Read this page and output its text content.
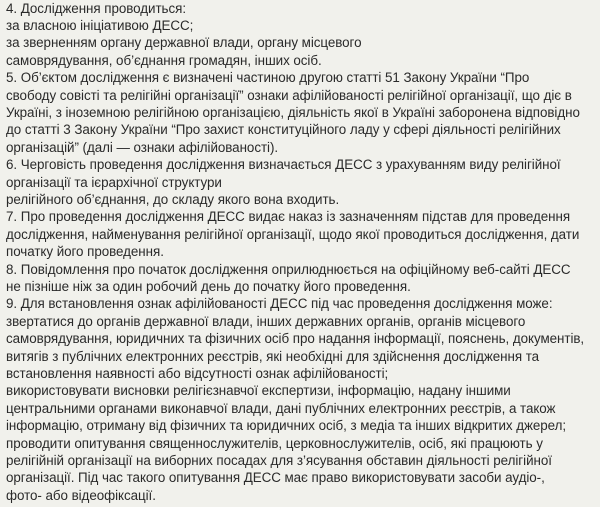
4. Дослідження проводиться:

за власною ініціативою ДЕСС;

за зверненням органу державної влади, органу місцевого

самоврядування, об’єднання громадян, інших осіб.

5. Об’єктом дослідження є визначені частиною другою статті 51 Закону України “Про

свободу совісті та релігійні організації” ознаки афілійованості релігійної організації, що діє в

Україні, з іноземною релігійною організацією, діяльність якої в Україні заборонена відповідно

до статті 3 Закону України “Про захист конституційного ладу у сфері діяльності релігійних

організацій” (далі — ознаки афілійованості).

6. Черговість проведення дослідження визначається ДЕСС з урахуванням виду релігійної

організації та ієрархічної структури

релігійного об’єднання, до складу якого вона входить.

7. Про проведення дослідження ДЕСС видає наказ із зазначенням підстав для проведення

дослідження, найменування релігійної організації, щодо якої проводиться дослідження, дати

початку його проведення.

8. Повідомлення про початок дослідження оприлюднюється на офіційному веб-сайті ДЕСС

не пізніше ніж за один робочий день до початку його проведення.

9. Для встановлення ознак афілійованості ДЕСС під час проведення дослідження може:

звертатися до органів державної влади, інших державних органів, органів місцевого

самоврядування, юридичних та фізичних осіб про надання інформації, пояснень, документів,

витягів з публічних електронних реєстрів, які необхідні для здійснення дослідження та

встановлення наявності або відсутності ознак афілійованості;

використовувати висновки релігієзнавчої експертизи, інформацію, надану іншими

центральними органами виконавчої влади, дані публічних електронних реєстрів, а також

інформацію, отриману від фізичних та юридичних осіб, з медіа та інших відкритих джерел;

проводити опитування священнослужителів, церковнослужителів, осіб, які працюють у

релігійній організації на виборних посадах для з’ясування обставин діяльності релігійної

організації. Під час такого опитування ДЕСС має право використовувати засоби аудіо-,

фото- або відеофіксації.
